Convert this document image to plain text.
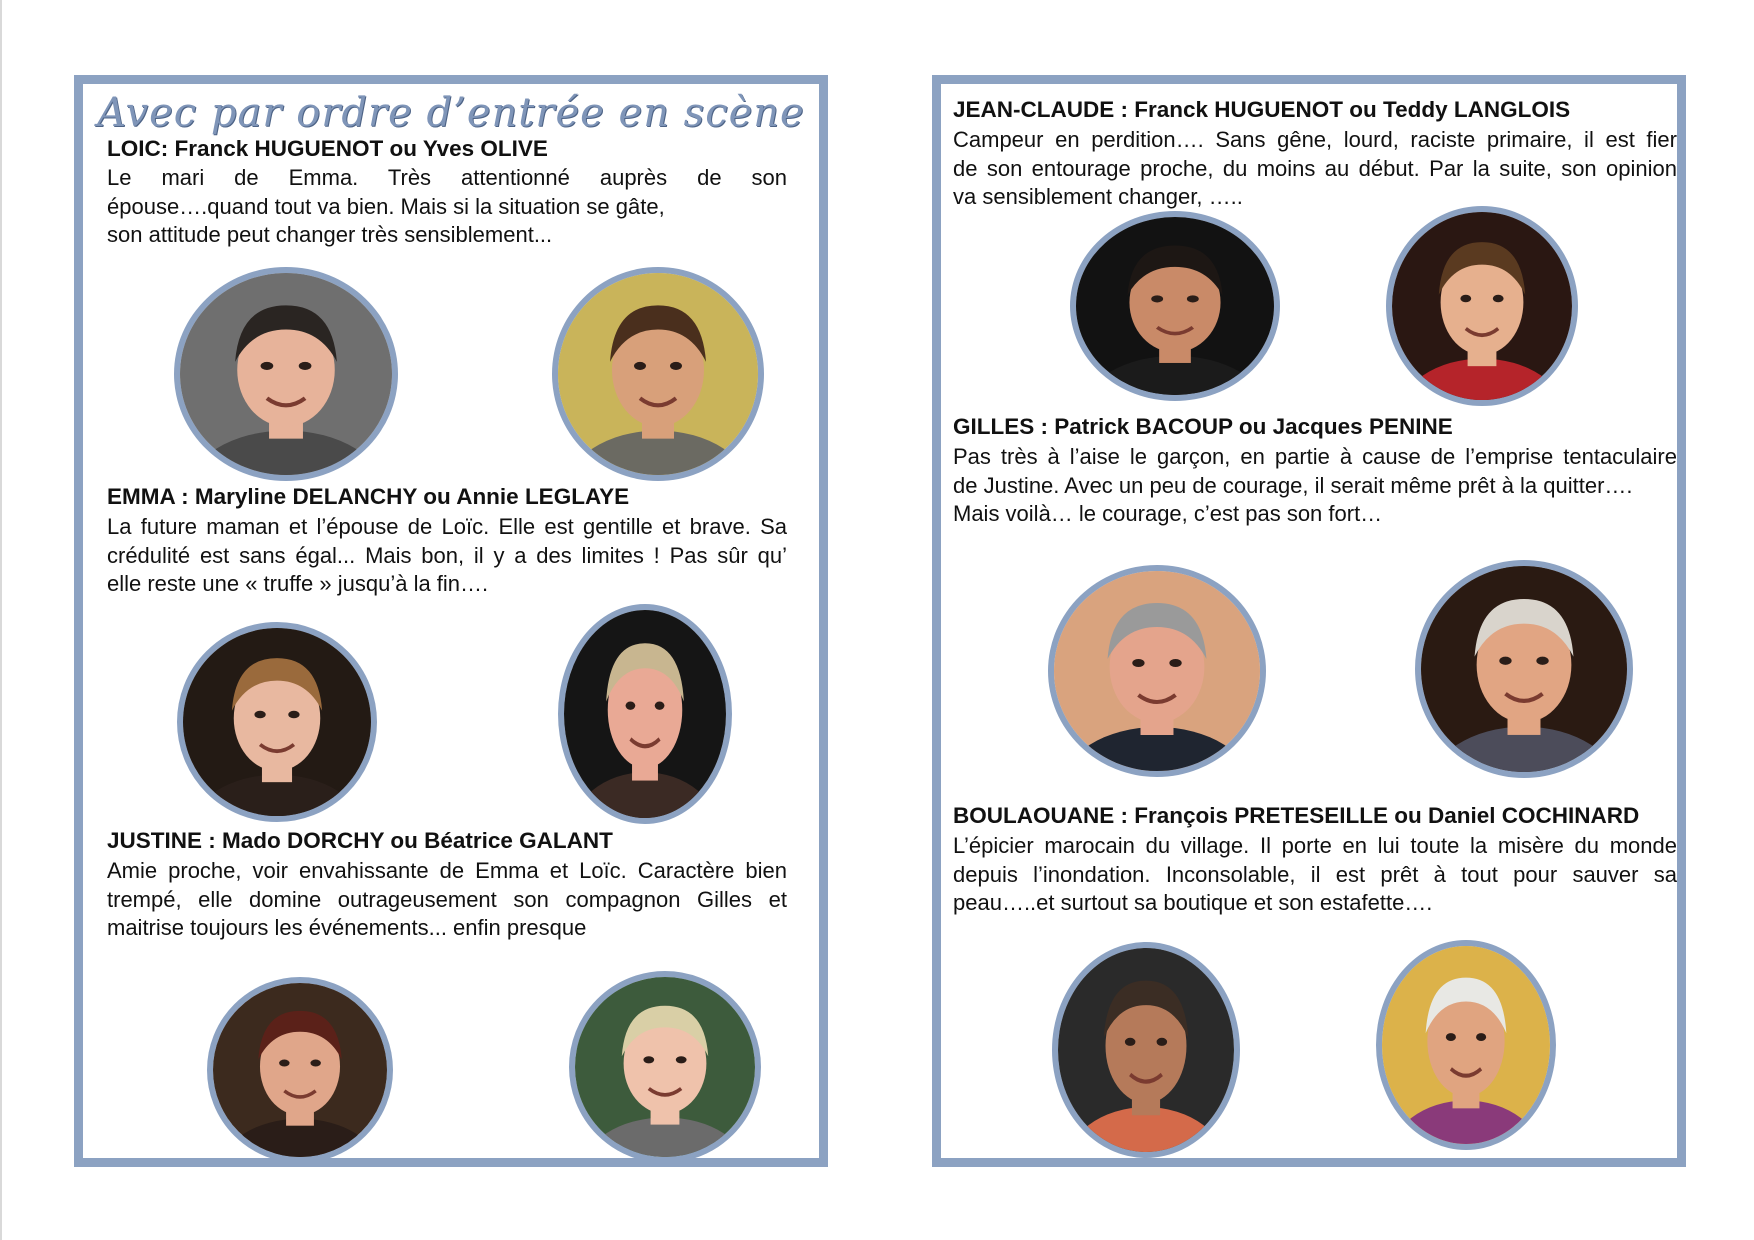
Avec par ordre d’entrée en scène

LOIC: Franck HUGUENOT ou Yves OLIVE

Le mari de Emma. Très attentionné auprès de son
épouse….quand tout va bien. Mais si la situation se gâte,
son attitude peut changer très sensiblement...

EMMA : Maryline DELANCHY ou Annie LEGLAYE

La future maman et l’épouse de Loïc. Elle est gentille et brave. Sa
crédulité est sans égal... Mais bon, il y a des limites ! Pas sûr qu’
elle reste une « truffe » jusqu’à la fin….

JUSTINE : Mado DORCHY ou Béatrice GALANT

Amie proche, voir envahissante de Emma et Loïc. Caractère bien
trempé, elle domine outrageusement son compagnon Gilles et
maitrise toujours les événements... enfin presque

JEAN-CLAUDE : Franck HUGUENOT ou Teddy LANGLOIS

Campeur en perdition…. Sans gêne, lourd, raciste primaire, il est fier
de son entourage proche, du moins au début. Par la suite, son opinion
va sensiblement changer, …..

GILLES : Patrick BACOUP ou Jacques PENINE

Pas très à l’aise le garçon, en partie à cause de l’emprise tentaculaire
de Justine. Avec un peu de courage, il serait même prêt à la quitter….
Mais voilà… le courage, c’est pas son fort…

BOULAOUANE : François PRETESEILLE ou Daniel COCHINARD

L’épicier marocain du village. Il porte en lui toute la misère du monde
depuis l’inondation. Inconsolable, il est prêt à tout pour sauver sa
peau…..et surtout sa boutique et son estafette….
